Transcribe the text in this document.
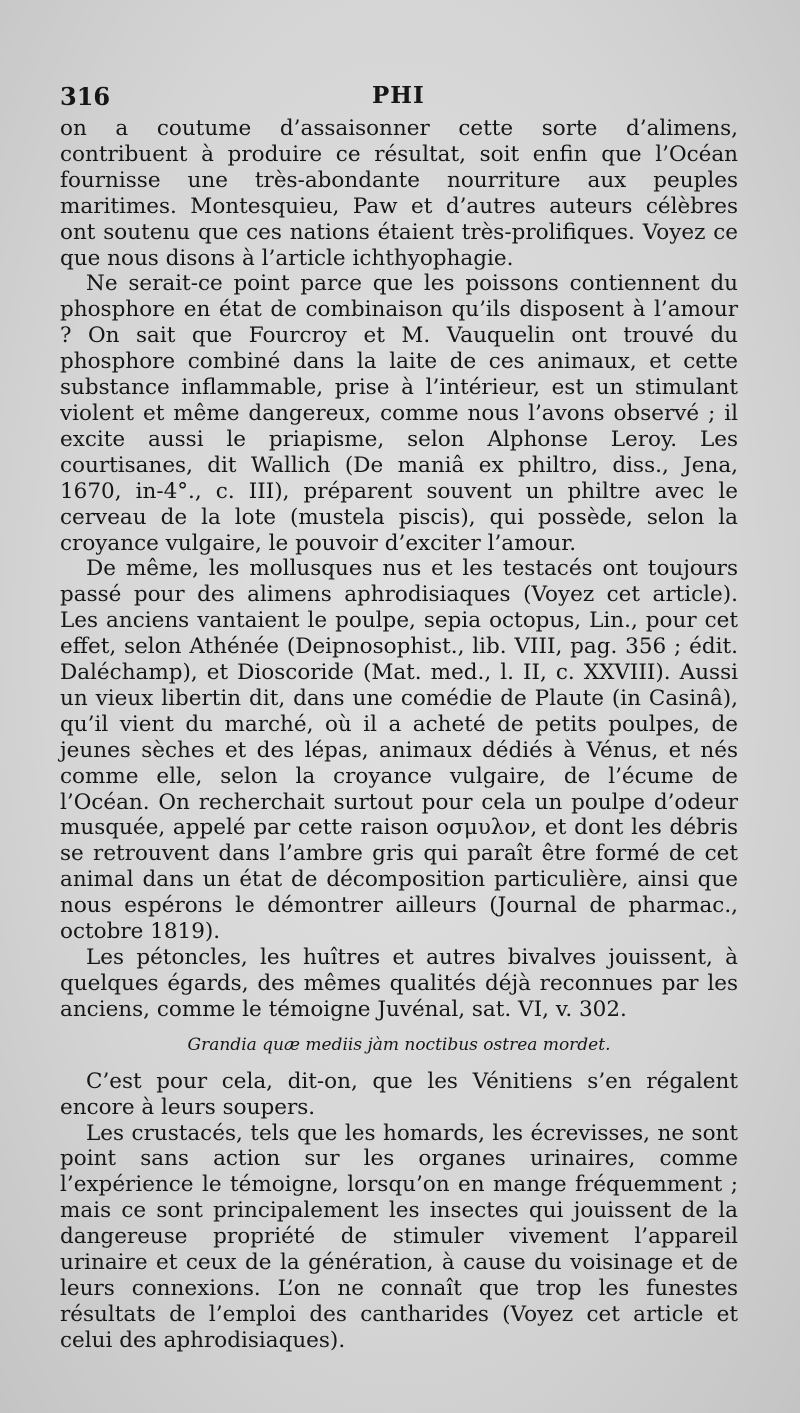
316	PHI

on a coutume d’assaisonner cette sorte d’alimens, contribuent à produire ce résultat, soit enfin que l’Océan fournisse une très-abondante nourriture aux peuples maritimes. Montesquieu, Paw et d’autres auteurs célèbres ont soutenu que ces nations étaient très-prolifiques. Voyez ce que nous disons à l’article ichthyophagie.

Ne serait-ce point parce que les poissons contiennent du phosphore en état de combinaison qu’ils disposent à l’amour ? On sait que Fourcroy et M. Vauquelin ont trouvé du phosphore combiné dans la laite de ces animaux, et cette substance inflammable, prise à l’intérieur, est un stimulant violent et même dangereux, comme nous l’avons observé ; il excite aussi le priapisme, selon Alphonse Leroy. Les courtisanes, dit Wallich (De maniâ ex philtro, diss., Jena, 1670, in-4°., c. III), préparent souvent un philtre avec le cerveau de la lote (mustela piscis), qui possède, selon la croyance vulgaire, le pouvoir d’exciter l’amour.

De même, les mollusques nus et les testacés ont toujours passé pour des alimens aphrodisiaques (Voyez cet article). Les anciens vantaient le poulpe, sepia octopus, Lin., pour cet effet, selon Athénée (Deipnosophist., lib. VIII, pag. 356 ; édit. Daléchamp), et Dioscoride (Mat. med., l. II, c. XXVIII). Aussi un vieux libertin dit, dans une comédie de Plaute (in Casinâ), qu’il vient du marché, où il a acheté de petits poulpes, de jeunes sèches et des lépas, animaux dédiés à Vénus, et nés comme elle, selon la croyance vulgaire, de l’écume de l’Océan. On recherchait surtout pour cela un poulpe d’odeur musquée, appelé par cette raison οσμυλον, et dont les débris se retrouvent dans l’ambre gris qui paraît être formé de cet animal dans un état de décomposition particulière, ainsi que nous espérons le démontrer ailleurs (Journal de pharmac., octobre 1819).

Les pétoncles, les huîtres et autres bivalves jouissent, à quelques égards, des mêmes qualités déjà reconnues par les anciens, comme le témoigne Juvénal, sat. VI, v. 302.

Grandia quæ mediis jàm noctibus ostrea mordet.

C’est pour cela, dit-on, que les Vénitiens s’en régalent encore à leurs soupers.

Les crustacés, tels que les homards, les écrevisses, ne sont point sans action sur les organes urinaires, comme l’expérience le témoigne, lorsqu’on en mange fréquemment ; mais ce sont principalement les insectes qui jouissent de la dangereuse propriété de stimuler vivement l’appareil urinaire et ceux de la génération, à cause du voisinage et de leurs connexions. L’on ne connaît que trop les funestes résultats de l’emploi des cantharides (Voyez cet article et celui des aphrodisiaques).
